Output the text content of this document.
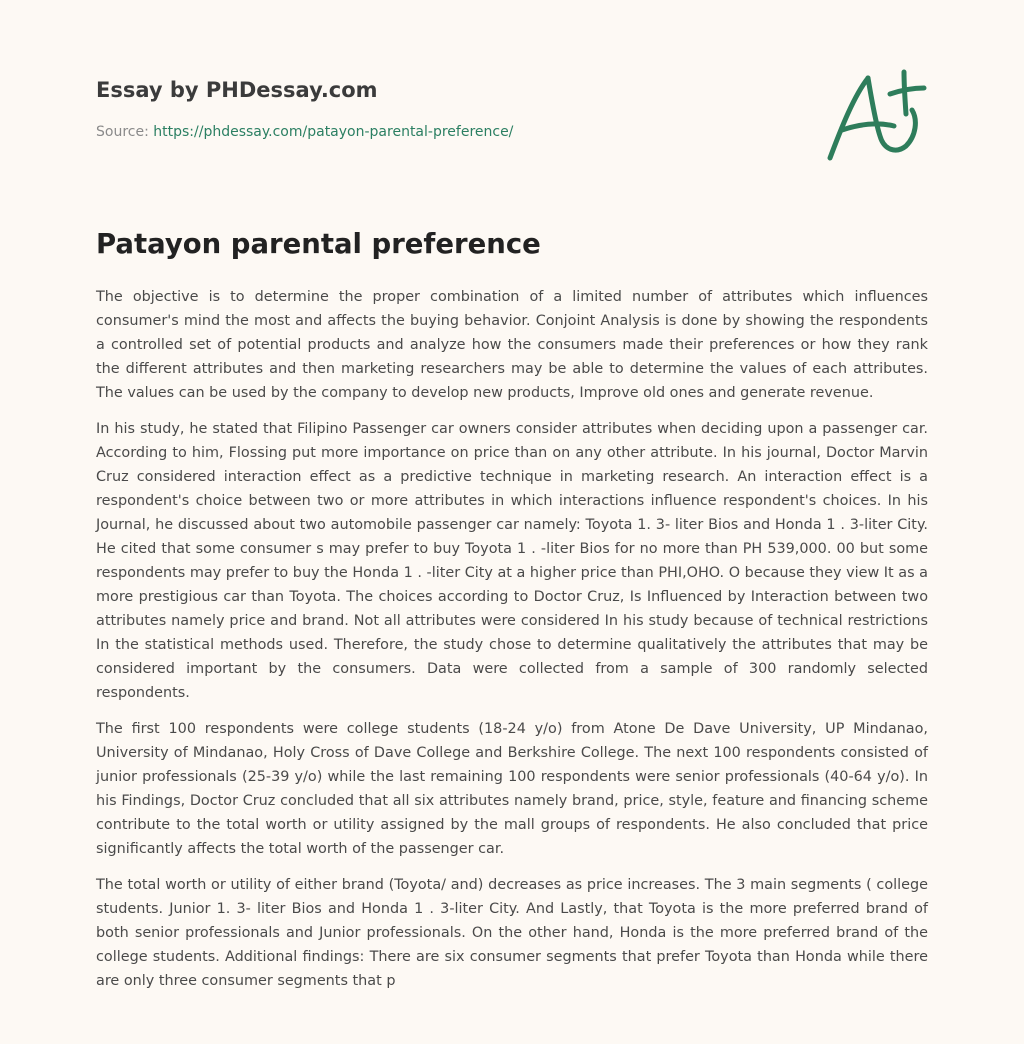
Essay by PHDessay.com
Source: https://phdessay.com/patayon-parental-preference/
Patayon parental preference

The objective is to determine the proper combination of a limited number of attributes which influences consumer's mind the most and affects the buying behavior. Conjoint Analysis is done by showing the respondents a controlled set of potential products and analyze how the consumers made their preferences or how they rank the different attributes and then marketing researchers may be able to determine the values of each attributes. The values can be used by the company to develop new products, Improve old ones and generate revenue.

In his study, he stated that Filipino Passenger car owners consider attributes when deciding upon a passenger car. According to him, Flossing put more importance on price than on any other attribute. In his journal, Doctor Marvin Cruz considered interaction effect as a predictive technique in marketing research. An interaction effect is a respondent's choice between two or more attributes in which interactions influence respondent's choices. In his Journal, he discussed about two automobile passenger car namely: Toyota 1. 3- liter Bios and Honda 1 . 3-liter City. He cited that some consumer s may prefer to buy Toyota 1 . -liter Bios for no more than PH 539,000. 00 but some respondents may prefer to buy the Honda 1 . -liter City at a higher price than PHI,OHO. O because they view It as a more prestigious car than Toyota. The choices according to Doctor Cruz, Is Influenced by Interaction between two attributes namely price and brand. Not all attributes were considered In his study because of technical restrictions In the statistical methods used. Therefore, the study chose to determine qualitatively the attributes that may be considered important by the consumers. Data were collected from a sample of 300 randomly selected respondents.

The first 100 respondents were college students (18-24 y/o) from Atone De Dave University, UP Mindanao, University of Mindanao, Holy Cross of Dave College and Berkshire College. The next 100 respondents consisted of junior professionals (25-39 y/o) while the last remaining 100 respondents were senior professionals (40-64 y/o). In his Findings, Doctor Cruz concluded that all six attributes namely brand, price, style, feature and financing scheme contribute to the total worth or utility assigned by the mall groups of respondents. He also concluded that price significantly affects the total worth of the passenger car.

The total worth or utility of either brand (Toyota/ and) decreases as price increases. The 3 main segments ( college students. Junior 1. 3- liter Bios and Honda 1 . 3-liter City. And Lastly, that Toyota is the more preferred brand of both senior professionals and Junior professionals. On the other hand, Honda is the more preferred brand of the college students. Additional findings: There are six consumer segments that prefer Toyota than Honda while there are only three consumer segments that p
